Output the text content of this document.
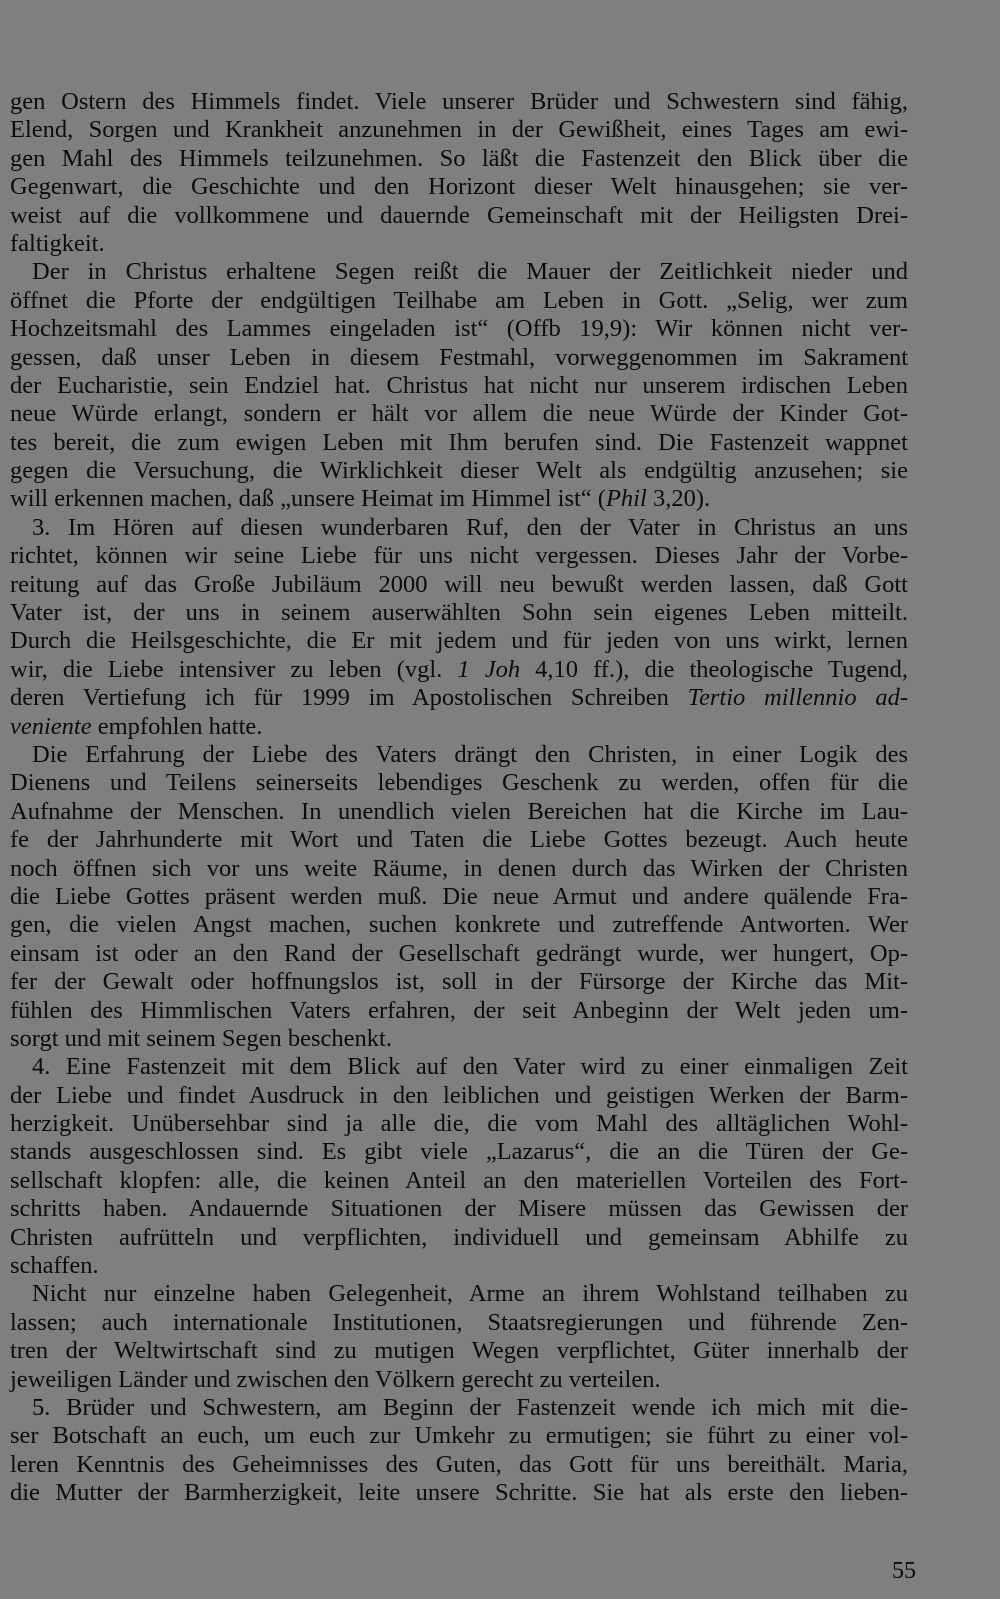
gen Ostern des Himmels findet. Viele unserer Brüder und Schwestern sind fähig,
Elend, Sorgen und Krankheit anzunehmen in der Gewißheit, eines Tages am ewi-
gen Mahl des Himmels teilzunehmen. So läßt die Fastenzeit den Blick über die
Gegenwart, die Geschichte und den Horizont dieser Welt hinausgehen; sie ver-
weist auf die vollkommene und dauernde Gemeinschaft mit der Heiligsten Drei-
faltigkeit.
Der in Christus erhaltene Segen reißt die Mauer der Zeitlichkeit nieder und
öffnet die Pforte der endgültigen Teilhabe am Leben in Gott. „Selig, wer zum
Hochzeitsmahl des Lammes eingeladen ist“ (Offb 19,9): Wir können nicht ver-
gessen, daß unser Leben in diesem Festmahl, vorweggenommen im Sakrament
der Eucharistie, sein Endziel hat. Christus hat nicht nur unserem irdischen Leben
neue Würde erlangt, sondern er hält vor allem die neue Würde der Kinder Got-
tes bereit, die zum ewigen Leben mit Ihm berufen sind. Die Fastenzeit wappnet
gegen die Versuchung, die Wirklichkeit dieser Welt als endgültig anzusehen; sie
will erkennen machen, daß „unsere Heimat im Himmel ist“ (Phil 3,20).
3. Im Hören auf diesen wunderbaren Ruf, den der Vater in Christus an uns
richtet, können wir seine Liebe für uns nicht vergessen. Dieses Jahr der Vorbe-
reitung auf das Große Jubiläum 2000 will neu bewußt werden lassen, daß Gott
Vater ist, der uns in seinem auserwählten Sohn sein eigenes Leben mitteilt.
Durch die Heilsgeschichte, die Er mit jedem und für jeden von uns wirkt, lernen
wir, die Liebe intensiver zu leben (vgl. 1 Joh 4,10 ff.), die theologische Tugend,
deren Vertiefung ich für 1999 im Apostolischen Schreiben Tertio millennio ad-
veniente empfohlen hatte.
Die Erfahrung der Liebe des Vaters drängt den Christen, in einer Logik des
Dienens und Teilens seinerseits lebendiges Geschenk zu werden, offen für die
Aufnahme der Menschen. In unendlich vielen Bereichen hat die Kirche im Lau-
fe der Jahrhunderte mit Wort und Taten die Liebe Gottes bezeugt. Auch heute
noch öffnen sich vor uns weite Räume, in denen durch das Wirken der Christen
die Liebe Gottes präsent werden muß. Die neue Armut und andere quälende Fra-
gen, die vielen Angst machen, suchen konkrete und zutreffende Antworten. Wer
einsam ist oder an den Rand der Gesellschaft gedrängt wurde, wer hungert, Op-
fer der Gewalt oder hoffnungslos ist, soll in der Fürsorge der Kirche das Mit-
fühlen des Himmlischen Vaters erfahren, der seit Anbeginn der Welt jeden um-
sorgt und mit seinem Segen beschenkt.
4. Eine Fastenzeit mit dem Blick auf den Vater wird zu einer einmaligen Zeit
der Liebe und findet Ausdruck in den leiblichen und geistigen Werken der Barm-
herzigkeit. Unübersehbar sind ja alle die, die vom Mahl des alltäglichen Wohl-
stands ausgeschlossen sind. Es gibt viele „Lazarus“, die an die Türen der Ge-
sellschaft klopfen: alle, die keinen Anteil an den materiellen Vorteilen des Fort-
schritts haben. Andauernde Situationen der Misere müssen das Gewissen der
Christen aufrütteln und verpflichten, individuell und gemeinsam Abhilfe zu
schaffen.
Nicht nur einzelne haben Gelegenheit, Arme an ihrem Wohlstand teilhaben zu
lassen; auch internationale Institutionen, Staatsregierungen und führende Zen-
tren der Weltwirtschaft sind zu mutigen Wegen verpflichtet, Güter innerhalb der
jeweiligen Länder und zwischen den Völkern gerecht zu verteilen.
5. Brüder und Schwestern, am Beginn der Fastenzeit wende ich mich mit die-
ser Botschaft an euch, um euch zur Umkehr zu ermutigen; sie führt zu einer vol-
leren Kenntnis des Geheimnisses des Guten, das Gott für uns bereithält. Maria,
die Mutter der Barmherzigkeit, leite unsere Schritte. Sie hat als erste den lieben-
55
